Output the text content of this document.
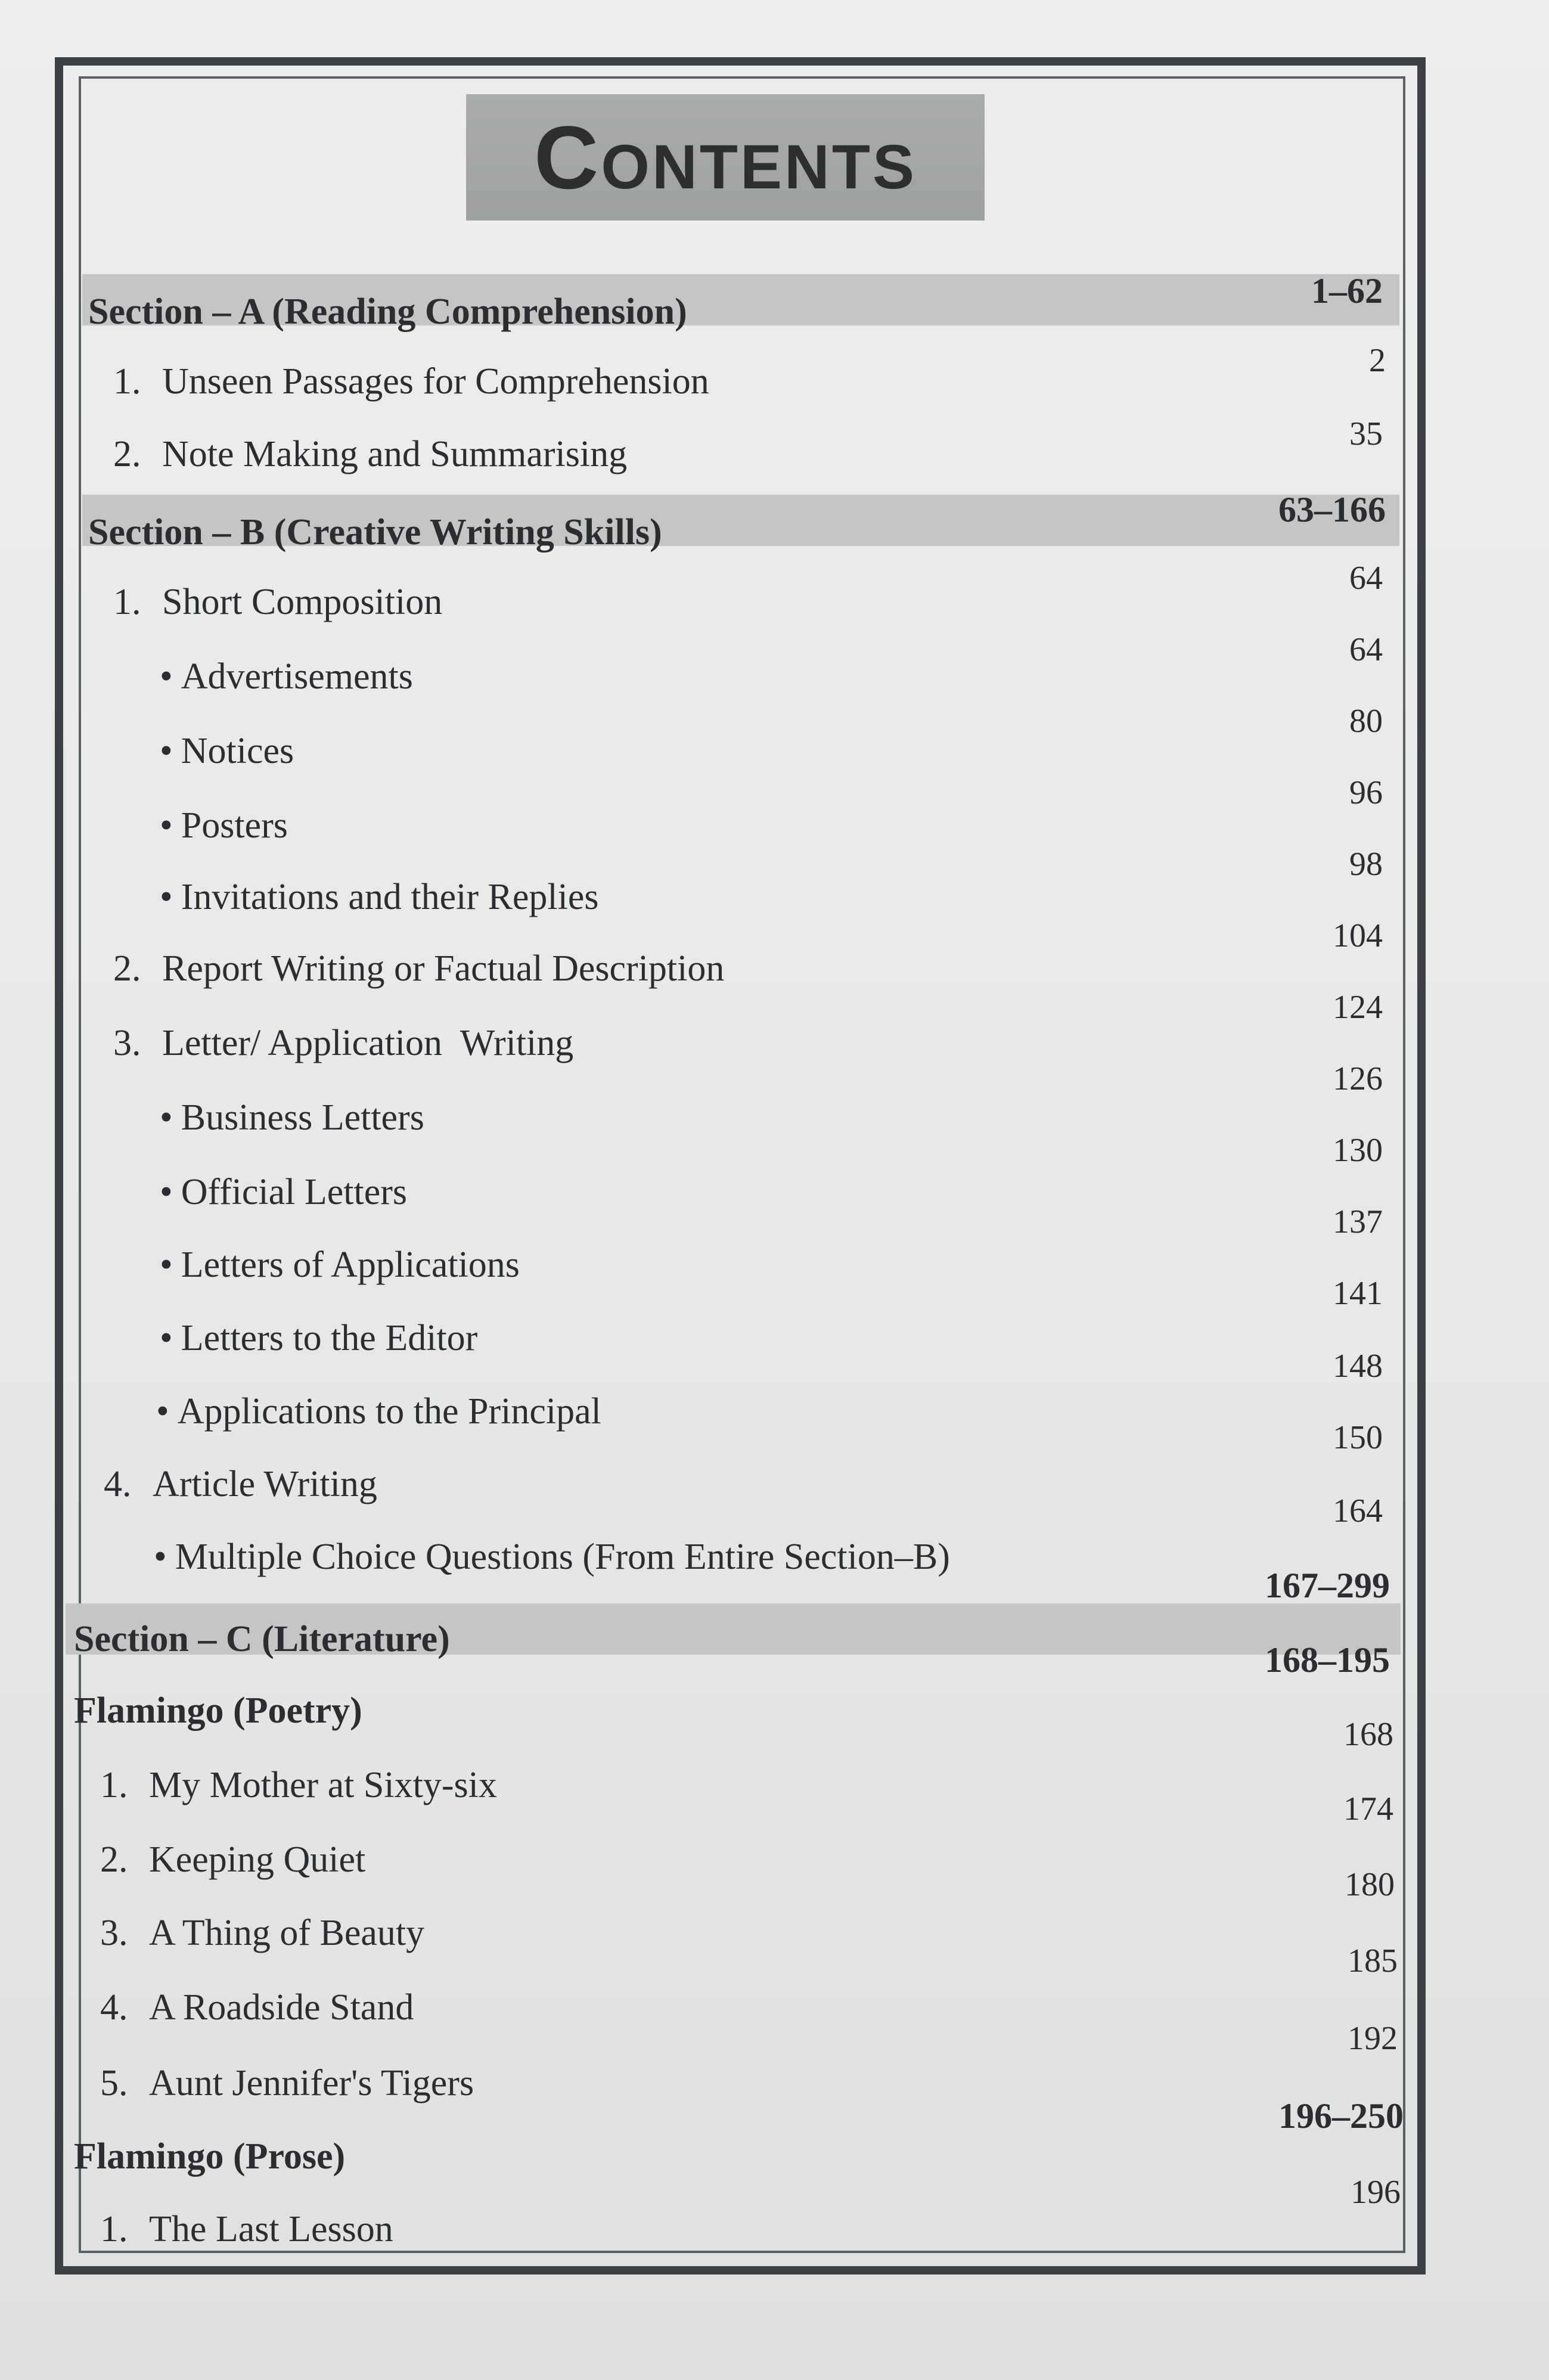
Contents
Section – A (Reading Comprehension)
1–62
1. Unseen Passages for Comprehension
2
2. Note Making and Summarising	35
Section – B (Creative Writing Skills)
63–166
1. Short Composition
64
• Advertisements
64
• Notices
80
• Posters
96
• Invitations and their Replies
98
2. Report Writing or Factual Description
104
3. Letter/ Application  Writing
124
• Business Letters
126
• Official Letters
130
• Letters of Applications
137
• Letters to the Editor
141
• Applications to the Principal
148
4. Article Writing
150
• Multiple Choice Questions (From Entire Section–B)
164
Section – C (Literature)
167–299
Flamingo (Poetry)
168–195
1. My Mother at Sixty-six
168
2. Keeping Quiet
174
3. A Thing of Beauty
180
4. A Roadside Stand
185
5. Aunt Jennifer's Tigers
192
Flamingo (Prose)
196–250
1. The Last Lesson
196
